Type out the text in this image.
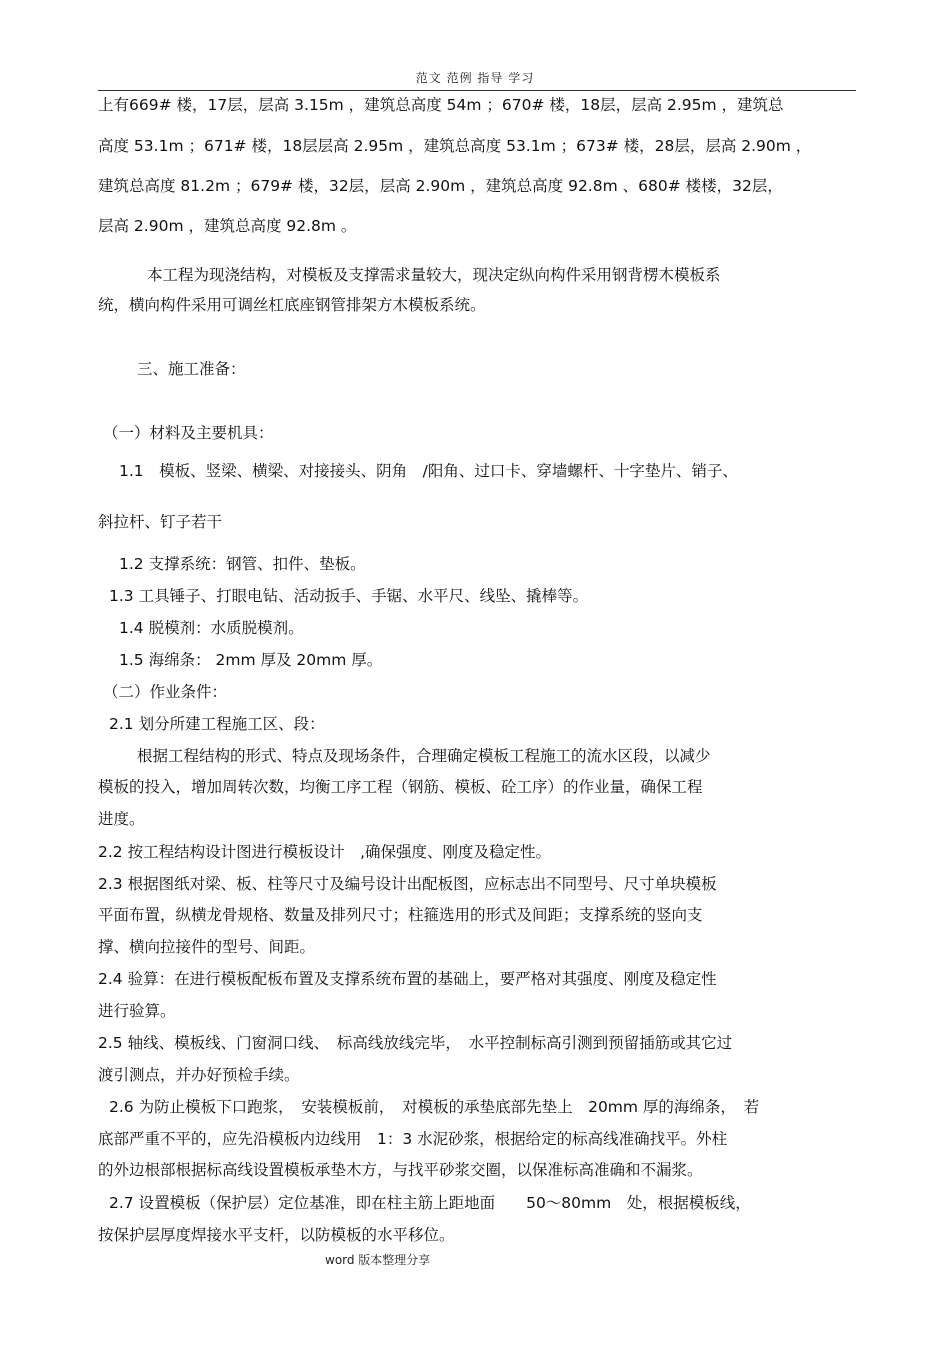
范文 范例 指导 学习
上有669# 楼，17层，层高 3.15m ，建筑总高度 54m ；670# 楼，18层，层高 2.95m ，建筑总
高度 53.1m ；671# 楼，18层层高 2.95m ，建筑总高度 53.1m ；673# 楼，28层，层高 2.90m ，
建筑总高度 81.2m ；679# 楼，32层，层高 2.90m ，建筑总高度 92.8m 、680# 楼楼，32层，
层高 2.90m ，建筑总高度 92.8m 。
本工程为现浇结构，对模板及支撑需求量较大，现决定纵向构件采用钢背楞木模板系
统，横向构件采用可调丝杠底座钢管排架方木模板系统。
三、施工准备：
（一）材料及主要机具：
1.1　模板、竖梁、横梁、对接接头、阴角　/阳角、过口卡、穿墙螺杆、十字垫片、销子、
斜拉杆、钉子若干
1.2 支撑系统：钢管、扣件、垫板。
1.3 工具锤子、打眼电钻、活动扳手、手锯、水平尺、线坠、撬棒等。
1.4 脱模剂：水质脱模剂。
1.5 海绵条： 2mm 厚及 20mm 厚。
（二）作业条件：
2.1 划分所建工程施工区、段：
根据工程结构的形式、特点及现场条件，合理确定模板工程施工的流水区段，以减少
模板的投入，增加周转次数，均衡工序工程（钢筋、模板、砼工序）的作业量，确保工程
进度。
2.2 按工程结构设计图进行模板设计　,确保强度、刚度及稳定性。
2.3 根据图纸对梁、板、柱等尺寸及编号设计出配板图，应标志出不同型号、尺寸单块模板
平面布置，纵横龙骨规格、数量及排列尺寸；柱箍选用的形式及间距；支撑系统的竖向支
撑、横向拉接件的型号、间距。
2.4 验算：在进行模板配板布置及支撑系统布置的基础上，要严格对其强度、刚度及稳定性
进行验算。
2.5 轴线、模板线、门窗洞口线、　标高线放线完毕，　水平控制标高引测到预留插筋或其它过
渡引测点，并办好预检手续。
2.6 为防止模板下口跑浆，　安装模板前，　对模板的承垫底部先垫上　20mm 厚的海绵条，　若
底部严重不平的，应先沿模板内边线用　1：3 水泥砂浆，根据给定的标高线准确找平。外柱
的外边根部根据标高线设置模板承垫木方，与找平砂浆交圈，以保准标高准确和不漏浆。
2.7 设置模板（保护层）定位基准，即在柱主筋上距地面　　50～80mm　处，根据模板线，
按保护层厚度焊接水平支杆，以防模板的水平移位。
word 版本整理分享
